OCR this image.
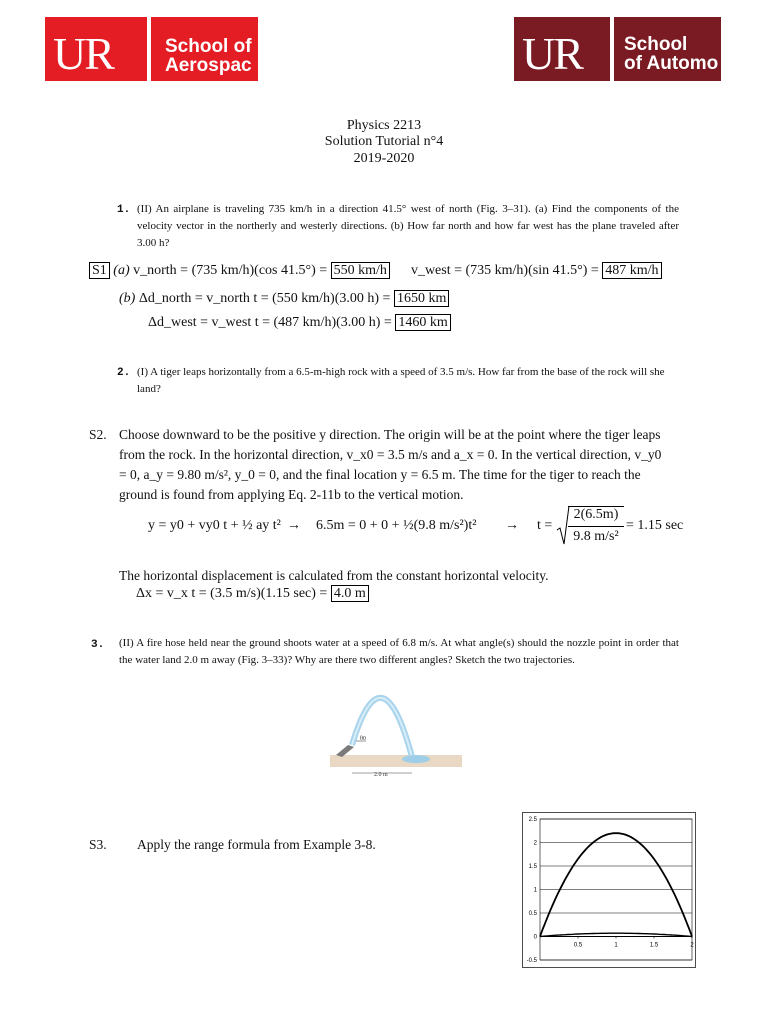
UR	School of
Aerospac	UR School
of Automo
Physics 2213
Solution Tutorial n°4
2019-2020
1. (II) An airplane is traveling 735 km/h in a direction 41.5° west of north (Fig. 3–31). (a) Find the components of the velocity vector in the northerly and westerly directions. (b) How far north and how far west has the plane traveled after 3.00 h?
S1 (a) v_north = (735 km/h)(cos 41.5°) = 550 km/h v_west = (735 km/h)(sin 41.5°) = 487 km/h
(b) Δd_north = v_north t = (550 km/h)(3.00 h) = 1650 km
Δd_west = v_west t = (487 km/h)(3.00 h) = 1460 km
2. (I) A tiger leaps horizontally from a 6.5-m-high rock with a speed of 3.5 m/s. How far from the base of the rock will she land?
S2. Choose downward to be the positive y direction. The origin will be at the point where the tiger leaps from the rock. In the horizontal direction, v_x0 = 3.5 m/s and a_x = 0. In the vertical direction, v_y0 = 0, a_y = 9.80 m/s², y_0 = 0, and the final location y = 6.5 m. The time for the tiger to reach the ground is found from applying Eq. 2-11b to the vertical motion.
y = y0 + vy0 t + ½ ay t² → 6.5m = 0 + 0 + ½(9.8 m/s²)t² → t =
2(6.5m)
9.8 m/s²
= 1.15 sec
The horizontal displacement is calculated from the constant horizontal velocity.
Δx = v_x t = (3.5 m/s)(1.15 sec) = 4.0 m
3. (II) A fire hose held near the ground shoots water at a speed of 6.8 m/s. At what angle(s) should the nozzle point in order that the water land 2.0 m away (Fig. 3–33)? Why are there two different angles? Sketch the two trajectories.
θ0
2.0 m
S3. Apply the range formula from Example 3-8.
2.5
2
1.5
1
0.5
0
-0.5
0.5	1	1.5	2
